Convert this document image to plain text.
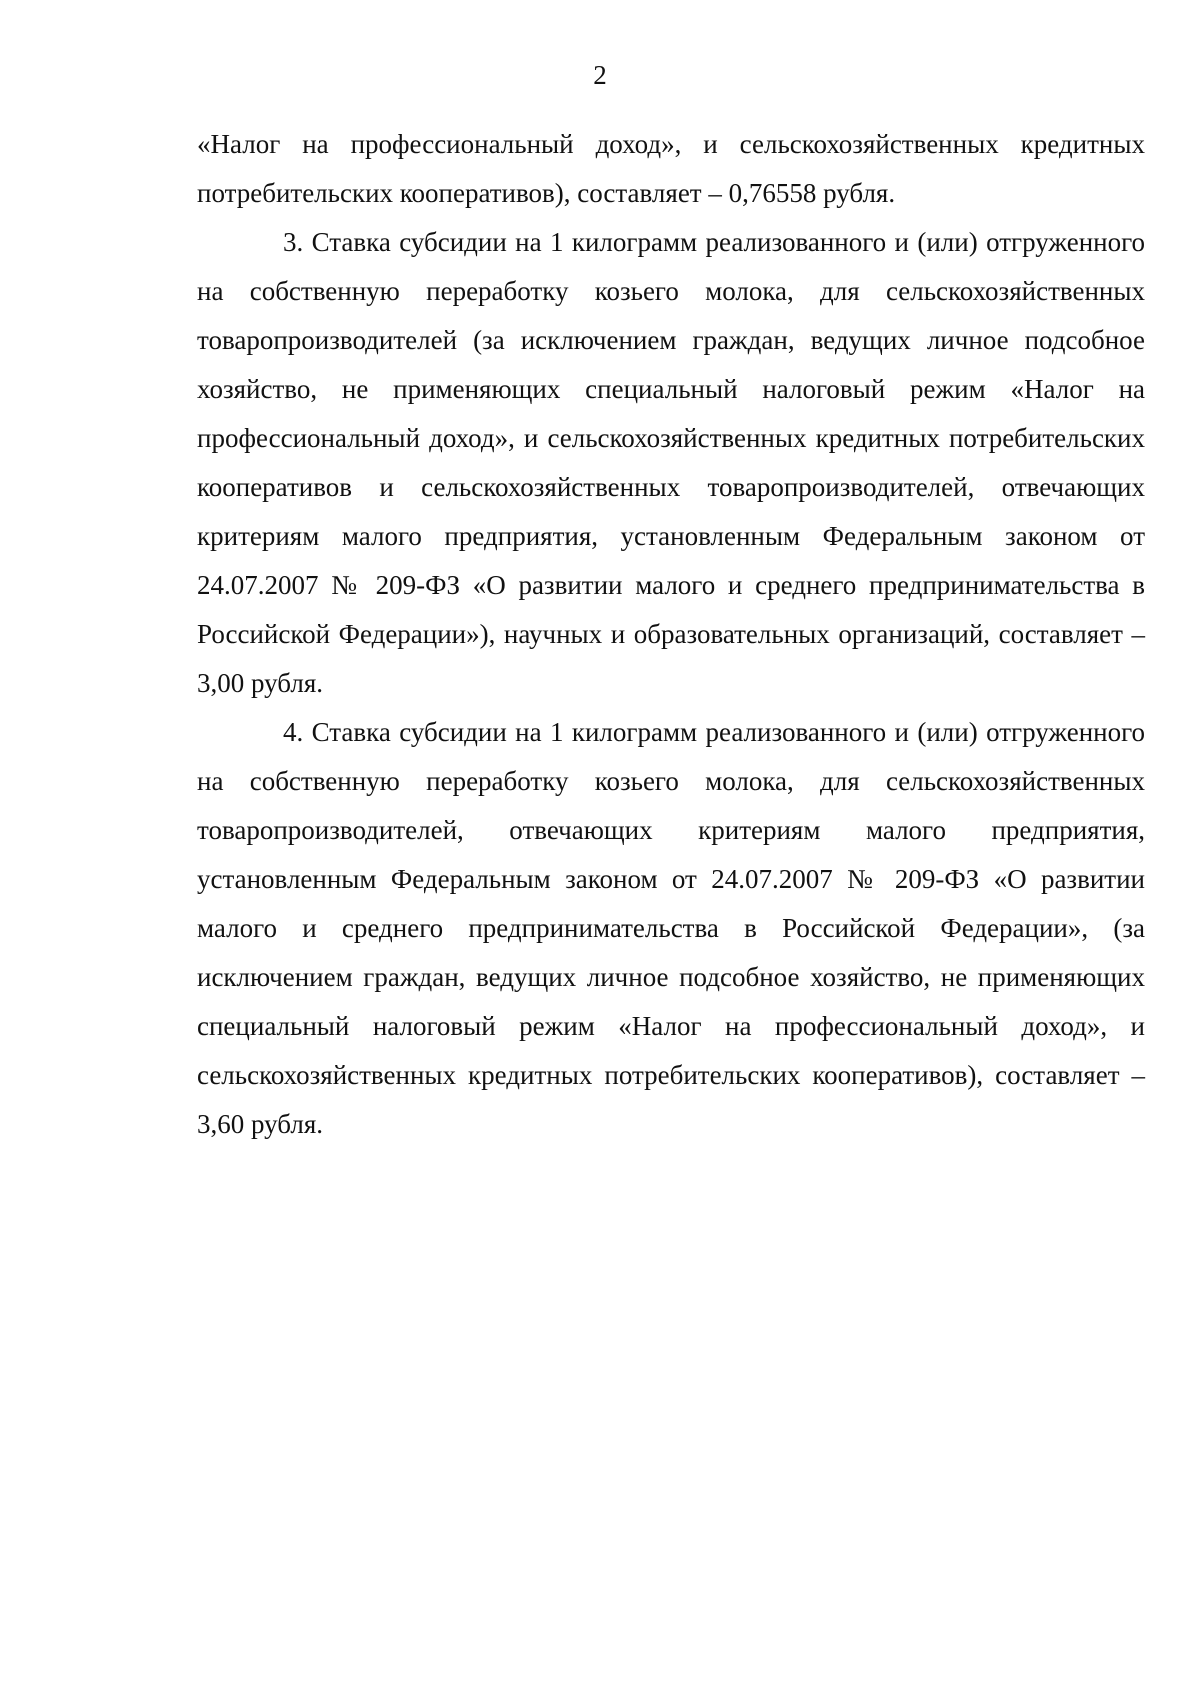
2

«Налог на профессиональный доход», и сельскохозяйственных кредитных потребительских кооперативов), составляет – 0,76558 рубля.

3. Ставка субсидии на 1 килограмм реализованного и (или) отгруженного на собственную переработку козьего молока, для сельскохозяйственных товаропроизводителей (за исключением граждан, ведущих личное подсобное хозяйство, не применяющих специальный налоговый режим «Налог на профессиональный доход», и сельскохозяйственных кредитных потребительских кооперативов и сельскохозяйственных товаропроизводителей, отвечающих критериям малого предприятия, установленным Федеральным законом от 24.07.2007 № 209-ФЗ «О развитии малого и среднего предпринимательства в Российской Федерации»), научных и образовательных организаций, составляет – 3,00 рубля.

4. Ставка субсидии на 1 килограмм реализованного и (или) отгруженного на собственную переработку козьего молока, для сельскохозяйственных товаропроизводителей, отвечающих критериям малого предприятия, установленным Федеральным законом от 24.07.2007 № 209-ФЗ «О развитии малого и среднего предпринимательства в Российской Федерации», (за исключением граждан, ведущих личное подсобное хозяйство, не применяющих специальный налоговый режим «Налог на профессиональный доход», и сельскохозяйственных кредитных потребительских кооперативов), составляет – 3,60 рубля.
